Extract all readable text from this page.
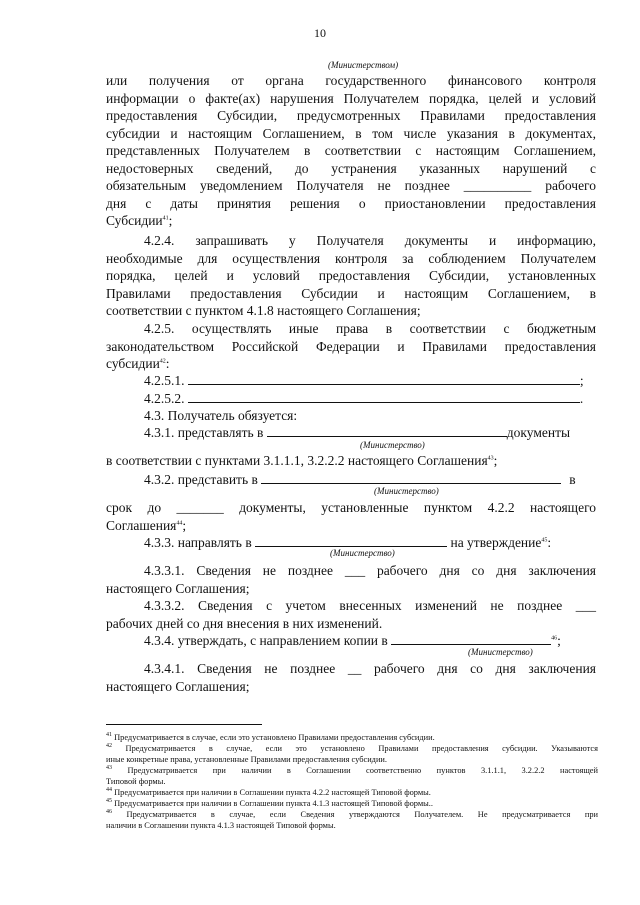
10
(Министерством)
или получения от органа государственного финансового контроля
информации о факте(ах) нарушения Получателем порядка, целей и условий
предоставления Субсидии, предусмотренных Правилами предоставления
субсидии и настоящим Соглашением, в том числе указания в документах,
представленных Получателем в соответствии с настоящим Соглашением,
недостоверных сведений, до устранения указанных нарушений с
обязательным уведомлением Получателя не позднее __________ рабочего
дня с даты принятия решения о приостановлении предоставления
Субсидии$^{41}$;
4.2.4. запрашивать у Получателя документы и информацию,
необходимые для осуществления контроля за соблюдением Получателем
порядка, целей и условий предоставления Субсидии, установленных
Правилами предоставления Субсидии и настоящим Соглашением, в
соответствии с пунктом 4.1.8 настоящего Соглашения;
4.2.5. осуществлять иные права в соответствии с бюджетным
законодательством Российской Федерации и Правилами предоставления
субсидии$^{42}$:
4.2.5.1.	;
4.2.5.2.	.
4.3. Получатель обязуется:
4.3.1. представлять в	документы
(Министерство)
в соответствии с пунктами 3.1.1.1, 3.2.2.2 настоящего Соглашения$^{43}$;
4.3.2. представить в	в
(Министерство)
срок до _______ документы, установленные пунктом 4.2.2 настоящего
Соглашения$^{44}$;
4.3.3. направлять в	на утверждение$^{45}$:
(Министерство)
4.3.3.1. Сведения не позднее ___ рабочего дня со дня заключения
настоящего Соглашения;
4.3.3.2. Сведения с учетом внесенных изменений не позднее ___
рабочих дней со дня внесения в них изменений.
4.3.4. утверждать, с направлением копии в	$^{46}$;
(Министерство)
4.3.4.1. Сведения не позднее __ рабочего дня со дня заключения
настоящего Соглашения;
$^{41}$ Предусматривается в случае, если это установлено Правилами предоставления субсидии.
$^{42}$ Предусматривается в случае, если это установлено Правилами предоставления субсидии. Указываются
иные конкретные права, установленные Правилами предоставления субсидии.
$^{43}$ Предусматривается при наличии в Соглашении соответственно пунктов 3.1.1.1, 3.2.2.2 настоящей
Типовой формы.
$^{44}$ Предусматривается при наличии в Соглашении пункта 4.2.2 настоящей Типовой формы.
$^{45}$ Предусматривается при наличии в Соглашении пункта 4.1.3 настоящей Типовой формы..
$^{46}$ Предусматривается в случае, если Сведения утверждаются Получателем. Не предусматривается при
наличии в Соглашении пункта 4.1.3 настоящей Типовой формы.
